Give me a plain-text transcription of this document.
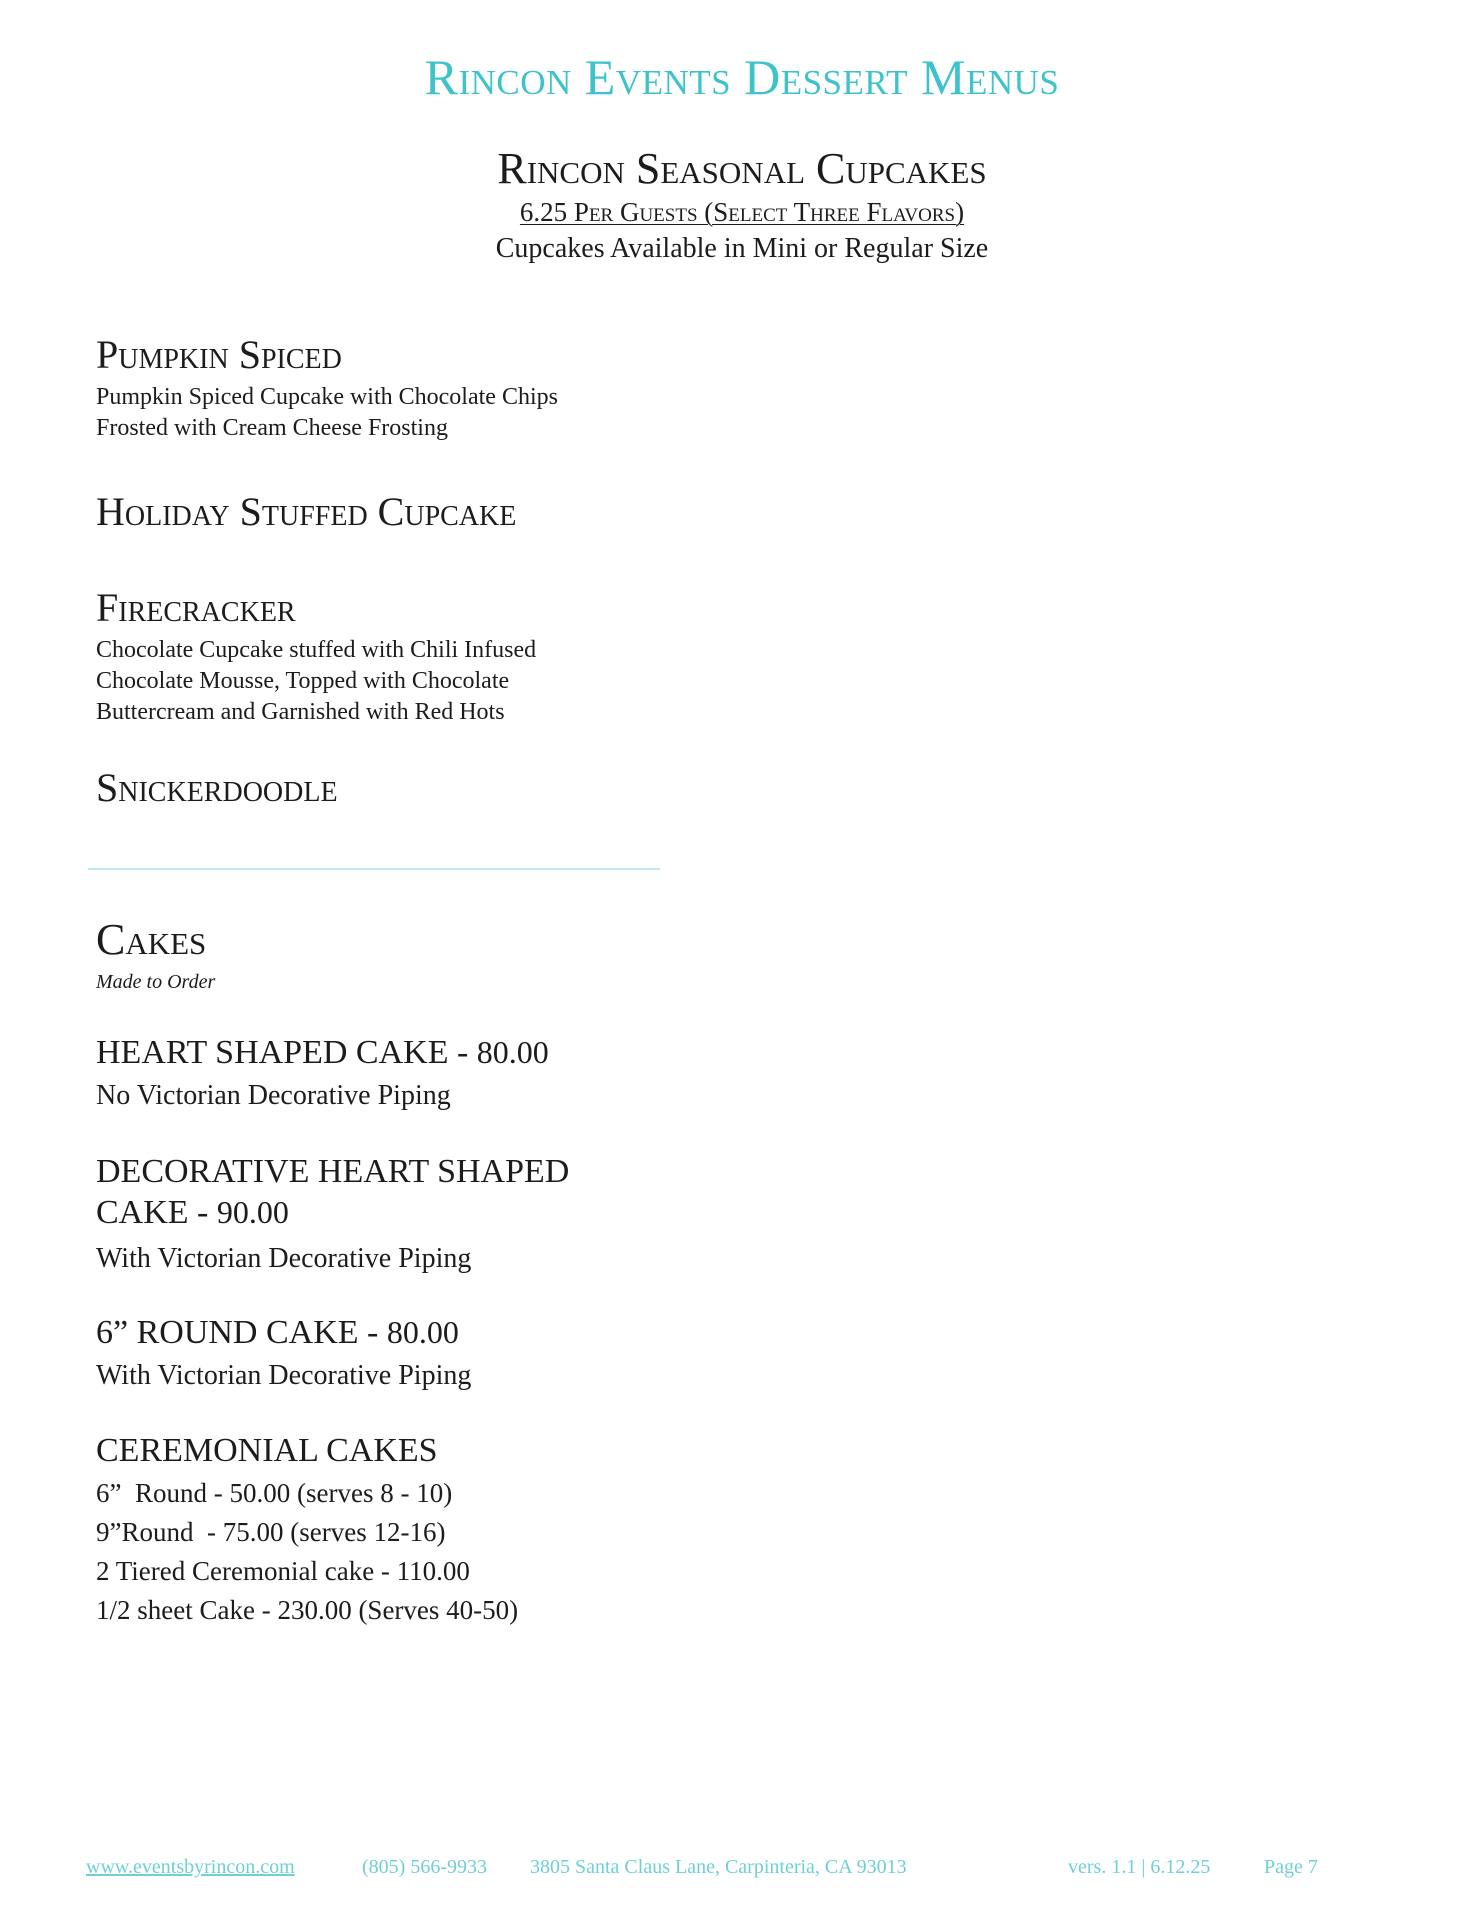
Rincon Events Dessert Menus
Rincon Seasonal Cupcakes
6.25 Per Guests (Select Three Flavors)
Cupcakes Available in Mini or Regular Size
Pumpkin Spiced
Pumpkin Spiced Cupcake with Chocolate Chips
Frosted with Cream Cheese Frosting
Holiday Stuffed Cupcake
Firecracker
Chocolate Cupcake stuffed with Chili Infused
Chocolate Mousse, Topped with Chocolate
Buttercream and Garnished with Red Hots
Snickerdoodle
Cakes
Made to Order
HEART SHAPED CAKE - 80.00
No Victorian Decorative Piping
DECORATIVE HEART SHAPED CAKE - 90.00
With Victorian Decorative Piping
6” ROUND CAKE - 80.00
With Victorian Decorative Piping
CEREMONIAL CAKES
6”  Round - 50.00 (serves 8 - 10)
9”Round  - 75.00 (serves 12-16)
2 Tiered Ceremonial cake - 110.00
1/2 sheet Cake - 230.00 (Serves 40-50)
www.eventsbyrincon.com	(805) 566-9933 3805 Santa Claus Lane, Carpinteria, CA 93013	vers. 1.1 | 6.12.25	Page 7
